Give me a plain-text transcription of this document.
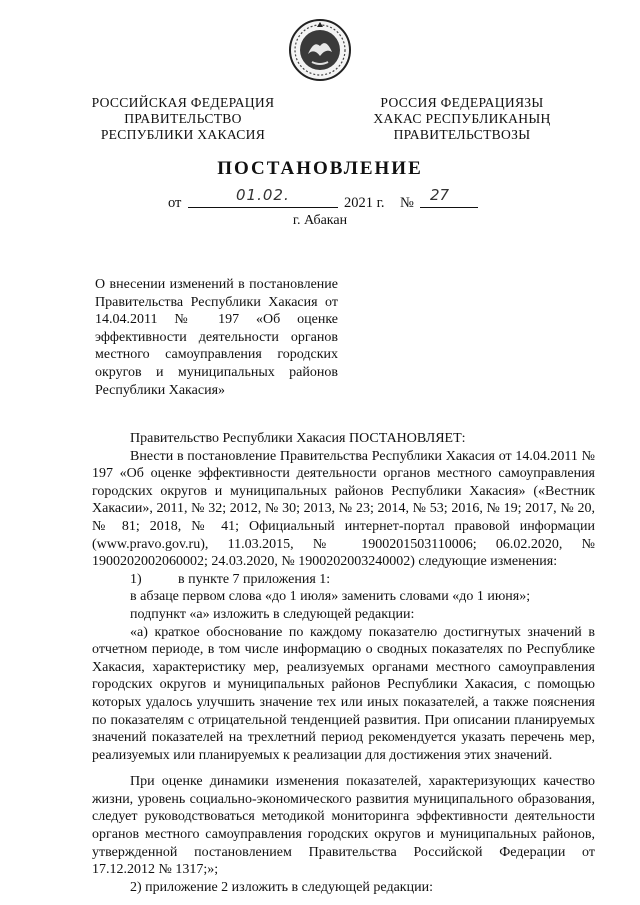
РОССИЙСКАЯ ФЕДЕРАЦИЯ
ПРАВИТЕЛЬСТВО
РЕСПУБЛИКИ ХАКАСИЯ
РОССИЯ ФЕДЕРАЦИЯЗЫ
ХАКАС РЕСПУБЛИКАНЫҢ
ПРАВИТЕЛЬСТВОЗЫ
ПОСТАНОВЛЕНИЕ
от	01.02.	2021 г. № 27
г. Абакан
О внесении изменений в постановление Правительства Республики Хакасия от 14.04.2011 № 197 «Об оценке эффективности деятельности органов местного самоуправления городских округов и муниципальных районов Республики Хакасия»

Правительство Республики Хакасия ПОСТАНОВЛЯЕТ:

Внести в постановление Правительства Республики Хакасия от 14.04.2011 № 197 «Об оценке эффективности деятельности органов местного самоуправления городских округов и муниципальных районов Республики Хакасия» («Вестник Хакасии», 2011, № 32; 2012, № 30; 2013, № 23; 2014, № 53; 2016, № 19; 2017, № 20, № 81; 2018, № 41; Официальный интернет-портал правовой информации (www.pravo.gov.ru), 11.03.2015, № 1900201503110006; 06.02.2020, № 1900202002060002; 24.03.2020, № 1900202003240002) следующие изменения:

1)	в пункте 7 приложения 1:

в абзаце первом слова «до 1 июля» заменить словами «до 1 июня»;

подпункт «а» изложить в следующей редакции:

«а) краткое обоснование по каждому показателю достигнутых значений в отчетном периоде, в том числе информацию о сводных показателях по Республике Хакасия, характеристику мер, реализуемых органами местного самоуправления городских округов и муниципальных районов Республики Хакасия, с помощью которых удалось улучшить значение тех или иных показателей, а также пояснения по показателям с отрицательной тенденцией развития. При описании планируемых значений показателей на трехлетний период рекомендуется указать перечень мер, реализуемых или планируемых к реализации для достижения этих значений.

При оценке динамики изменения показателей, характеризующих качество жизни, уровень социально-экономического развития муниципального образования, следует руководствоваться методикой мониторинга эффективности деятельности органов местного самоуправления городских округов и муниципальных районов, утвержденной постановлением Правительства Российской Федерации от 17.12.2012 № 1317;»;

2) приложение 2 изложить в следующей редакции:
